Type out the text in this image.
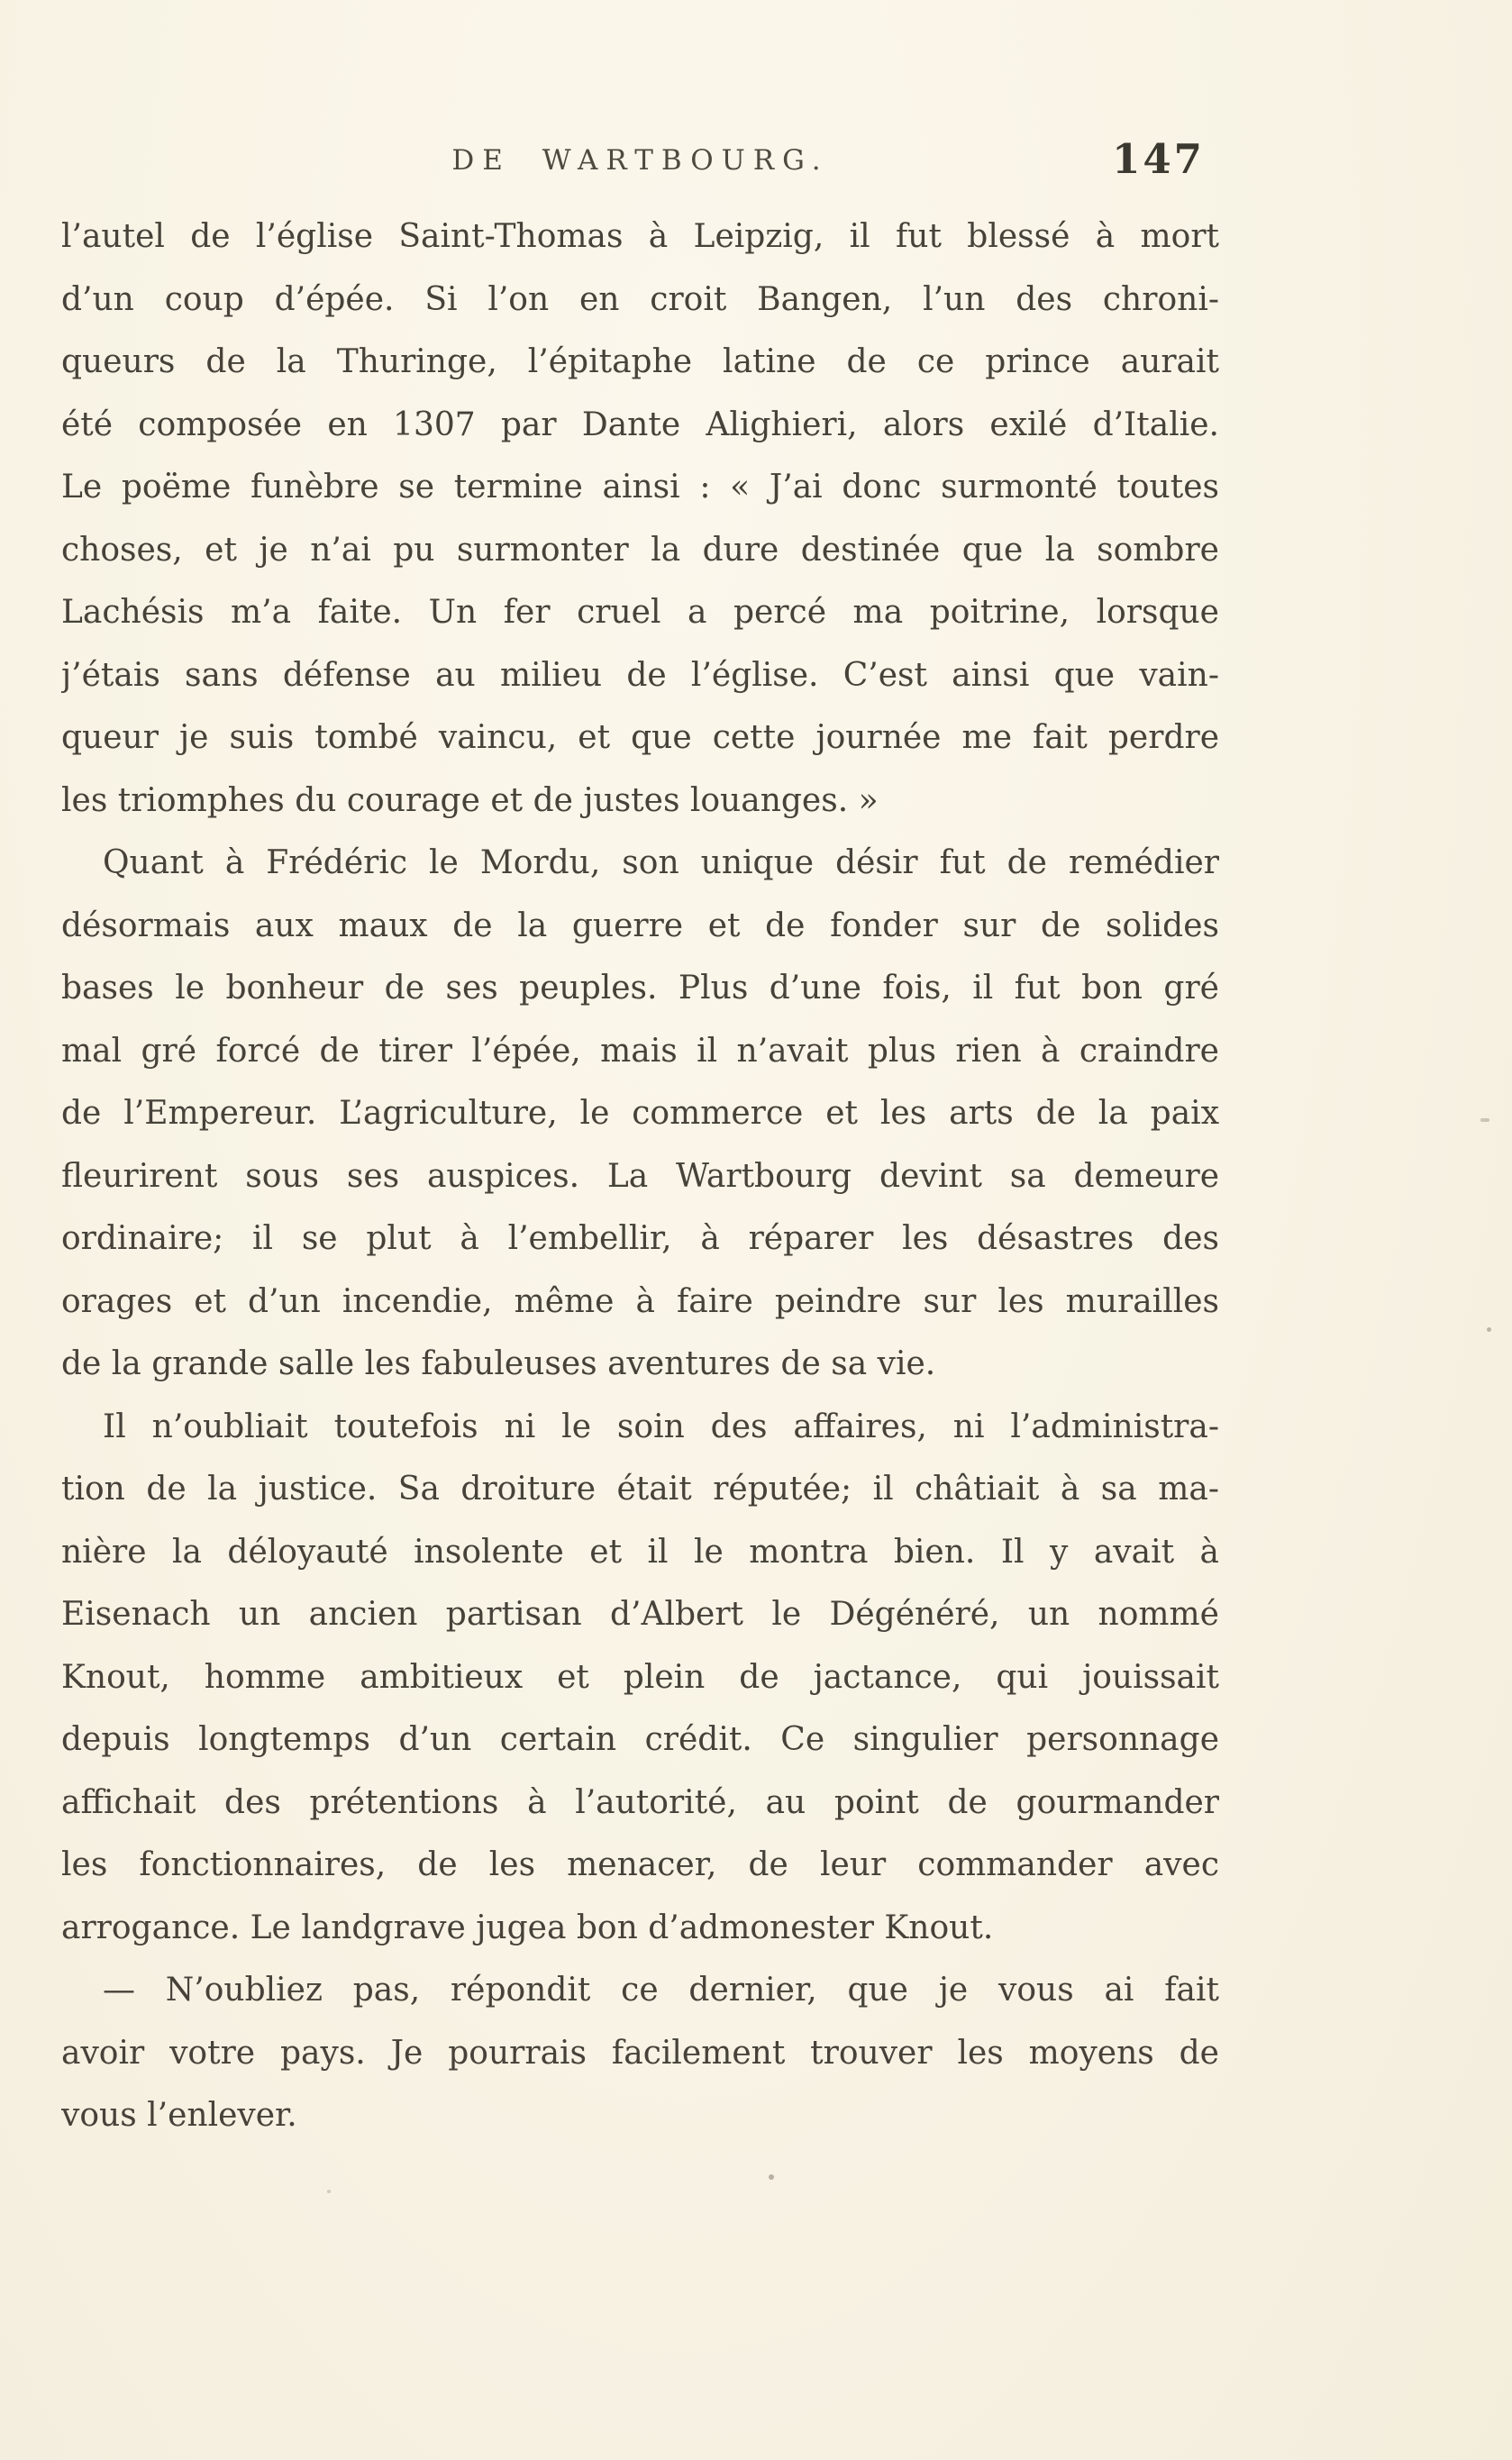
DE WARTBOURG.	147
l’autel de l’église Saint-Thomas à Leipzig, il fut blessé à mort
d’un coup d’épée. Si l’on en croit Bangen, l’un des chroni-
queurs de la Thuringe, l’épitaphe latine de ce prince aurait
été composée en 1307 par Dante Alighieri, alors exilé d’Italie.
Le poëme funèbre se termine ainsi : « J’ai donc surmonté toutes
choses, et je n’ai pu surmonter la dure destinée que la sombre
Lachésis m’a faite. Un fer cruel a percé ma poitrine, lorsque
j’étais sans défense au milieu de l’église. C’est ainsi que vain-
queur je suis tombé vaincu, et que cette journée me fait perdre
les triomphes du courage et de justes louanges. »
Quant à Frédéric le Mordu, son unique désir fut de remédier
désormais aux maux de la guerre et de fonder sur de solides
bases le bonheur de ses peuples. Plus d’une fois, il fut bon gré
mal gré forcé de tirer l’épée, mais il n’avait plus rien à craindre
de l’Empereur. L’agriculture, le commerce et les arts de la paix
fleurirent sous ses auspices. La Wartbourg devint sa demeure
ordinaire; il se plut à l’embellir, à réparer les désastres des
orages et d’un incendie, même à faire peindre sur les murailles
de la grande salle les fabuleuses aventures de sa vie.
Il n’oubliait toutefois ni le soin des affaires, ni l’administra-
tion de la justice. Sa droiture était réputée; il châtiait à sa ma-
nière la déloyauté insolente et il le montra bien. Il y avait à
Eisenach un ancien partisan d’Albert le Dégénéré, un nommé
Knout, homme ambitieux et plein de jactance, qui jouissait
depuis longtemps d’un certain crédit. Ce singulier personnage
affichait des prétentions à l’autorité, au point de gourmander
les fonctionnaires, de les menacer, de leur commander avec
arrogance. Le landgrave jugea bon d’admonester Knout.
— N’oubliez pas, répondit ce dernier, que je vous ai fait
avoir votre pays. Je pourrais facilement trouver les moyens de
vous l’enlever.
